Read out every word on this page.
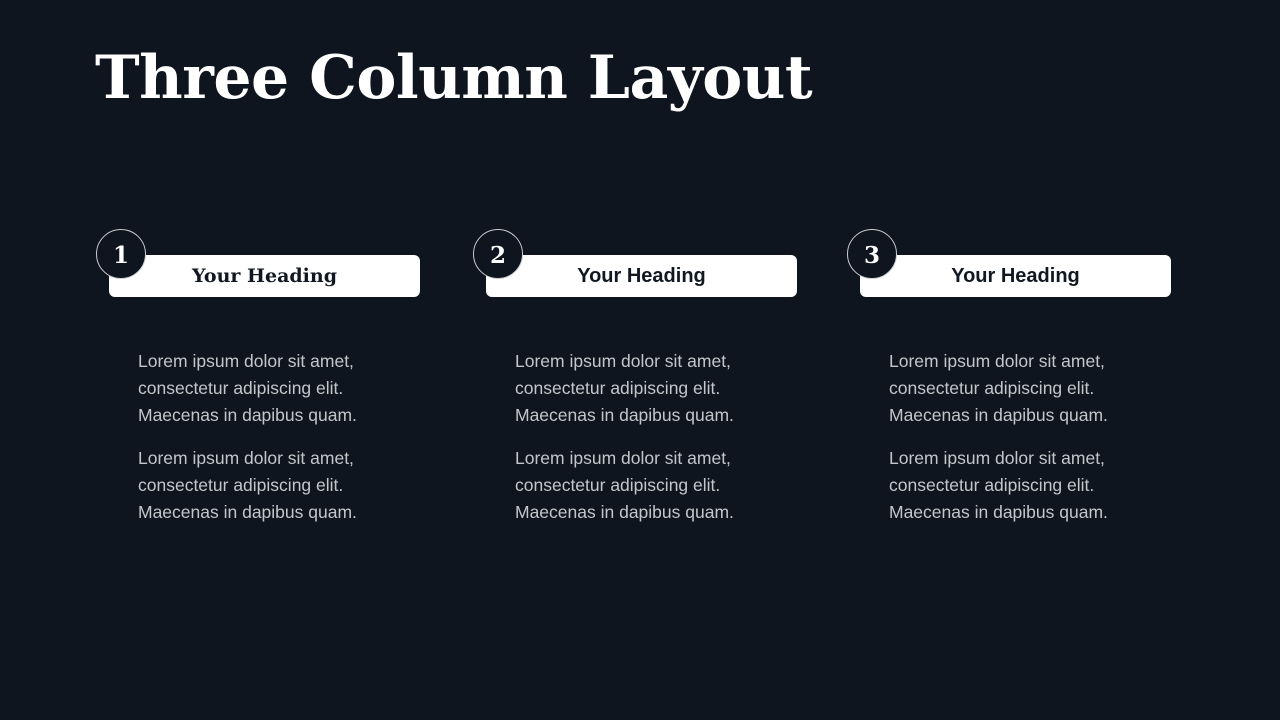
Three Column Layout
1
Your Heading

Lorem ipsum dolor sit amet,
consectetur adipiscing elit.
Maecenas in dapibus quam.

Lorem ipsum dolor sit amet,
consectetur adipiscing elit.
Maecenas in dapibus quam.

2
Your Heading

Lorem ipsum dolor sit amet,
consectetur adipiscing elit.
Maecenas in dapibus quam.

Lorem ipsum dolor sit amet,
consectetur adipiscing elit.
Maecenas in dapibus quam.

3
Your Heading

Lorem ipsum dolor sit amet,
consectetur adipiscing elit.
Maecenas in dapibus quam.

Lorem ipsum dolor sit amet,
consectetur adipiscing elit.
Maecenas in dapibus quam.
